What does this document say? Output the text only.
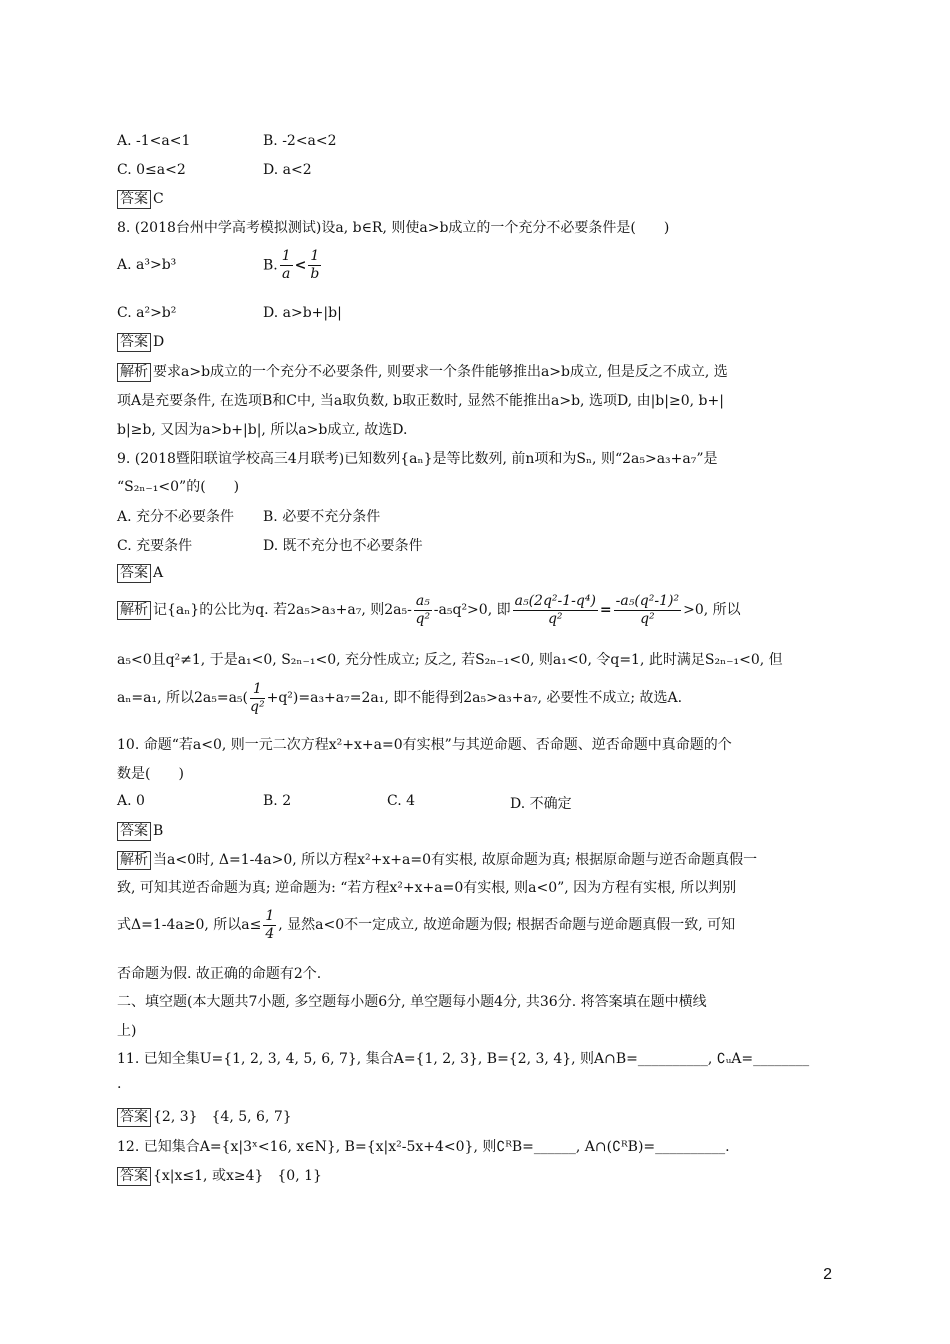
A. -1<a<1	B. -2<a<2
C. 0≤a<2	D. a<2
答案 C
8. (2018台州中学高考模拟测试)设a, b∈R, 则使a>b成立的一个充分不必要条件是(　　)
A. a³>b³	B. $\frac{1}{a} < \frac{1}{b}$
C. a²>b²	D. a>b+|b|
答案 D
解析 要求a>b成立的一个充分不必要条件, 则要求一个条件能够推出a>b成立, 但是反之不成立, 选
项A是充要条件, 在选项B和C中, 当a取负数, b取正数时, 显然不能推出a>b, 选项D, 由|b|≥0, b+|
b|≥b, 又因为a>b+|b|, 所以a>b成立, 故选D.
9. (2018暨阳联谊学校高三4月联考)已知数列{aₙ}是等比数列, 前n项和为Sₙ, 则“2a₅>a₃+a₇”是
“S₂ₙ₋₁<0”的(　　)
A. 充分不必要条件 B. 必要不充分条件
C. 充要条件	D. 既不充分也不必要条件
答案 A
解析 记{aₙ}的公比为q. 若2a₅>a₃+a₇, 则$2a_5- \frac{\text{a₅}}{\text{q²}} -a_5q^2>0$, 即 $\frac{\text{a₅(2q²-1-q⁴)}}{\text{q²}} = \frac{\text{-a₅(q²-1)²}}{\text{q²}} >0$, 所以
a₅<0且q²≠1, 于是a₁<0, S₂ₙ₋₁<0, 充分性成立; 反之, 若S₂ₙ₋₁<0, 则a₁<0, 令q=1, 此时满足S₂ₙ₋₁<0, 但
aₙ=a₁, 所以$2a_5=a_5( \frac{1}{\text{q²}} +q^2)=a_3+a_7=2a_1$, 即不能得到2a₅>a₃+a₇, 必要性不成立; 故选A.
10. 命题“若a<0, 则一元二次方程x²+x+a=0有实根”与其逆命题、否命题、逆否命题中真命题的个
数是(　　)
A. 0	B. 2	C. 4	D. 不确定
答案 B
解析 当a<0时, Δ=1-4a>0, 所以方程x²+x+a=0有实根, 故原命题为真; 根据原命题与逆否命题真假一
致, 可知其逆否命题为真; 逆命题为: “若方程x²+x+a=0有实根, 则a<0”, 因为方程有实根, 所以判别
式Δ=1-4a≥0, 所以$a\le \frac{1}{4}$ , 显然a<0不一定成立, 故逆命题为假; 根据否命题与逆命题真假一致, 可知
否命题为假. 故正确的命题有2个.
二、填空题(本大题共7小题, 多空题每小题6分, 单空题每小题4分, 共36分. 将答案填在题中横线
上)
11. 已知全集U={1, 2, 3, 4, 5, 6, 7}, 集合A={1, 2, 3}, B={2, 3, 4}, 则A∩B=__________, ∁ᵤA=________
.
答案 {2, 3}　{4, 5, 6, 7}
12. 已知集合A={x|3ˣ<16, x∈N}, B={x|x²-5x+4<0}, 则∁ᴿB=______, A∩(∁ᴿB)=__________.
答案 {x|x≤1, 或x≥4}　{0, 1}
2
